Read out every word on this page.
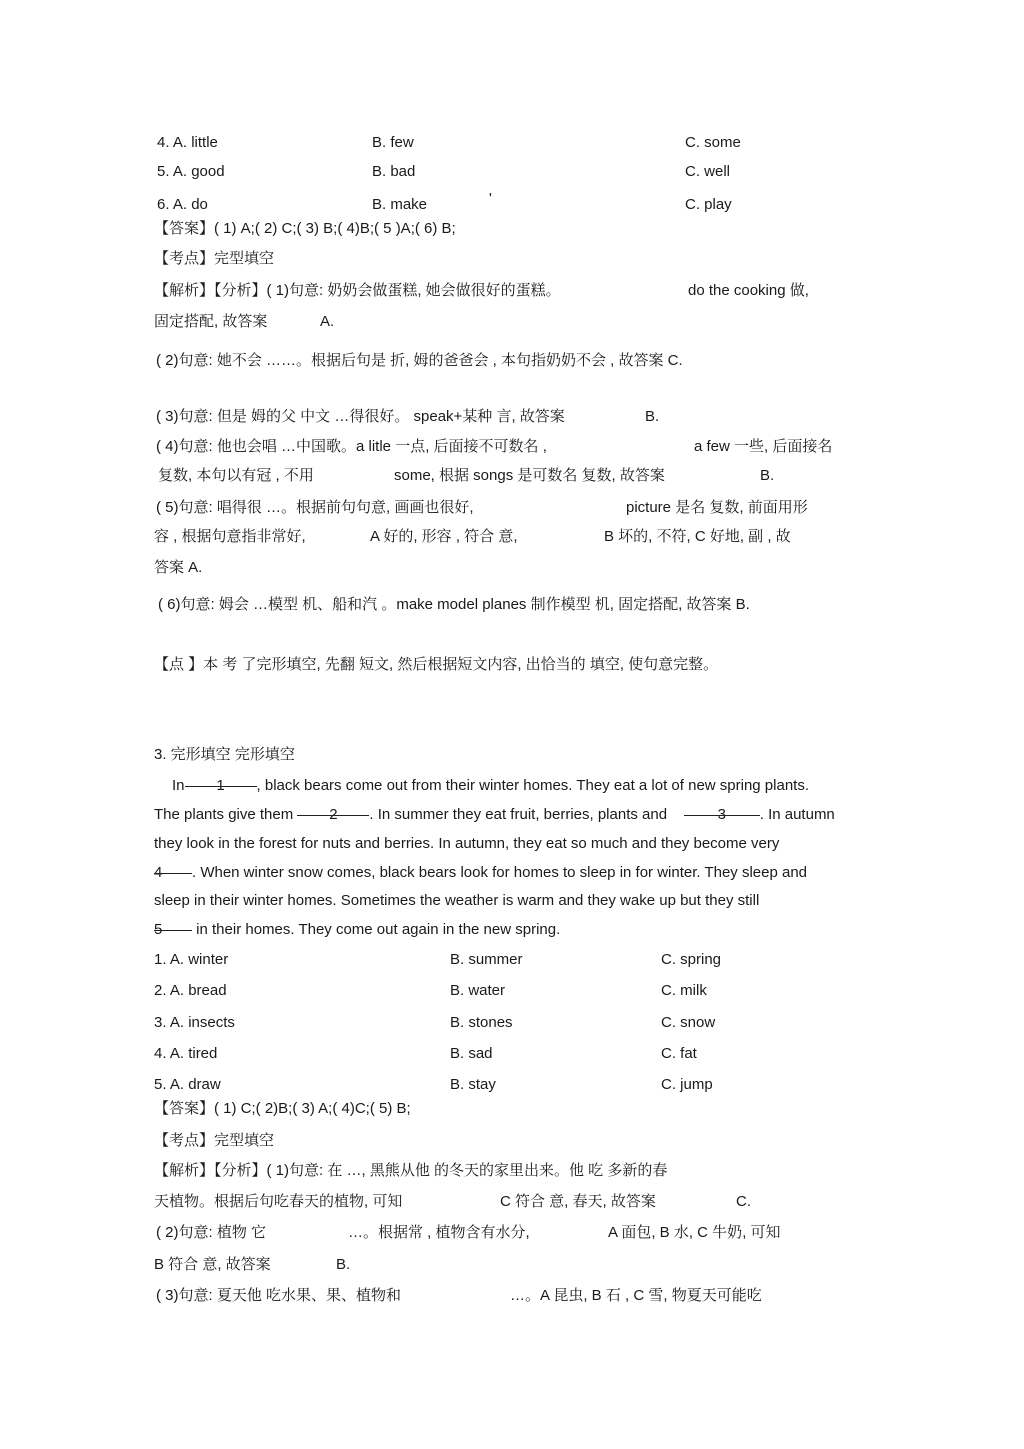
4. A. little	B. few	C. some
5. A. good	B. bad	C. well
6. A. do	B. make	'	C. play
【答案】( 1) A;( 2) C;( 3) B;( 4)B;( 5 )A;( 6) B;
【考点】完型填空
【解析】【分析】( 1)句意: 奶奶会做蛋糕, 她会做很好的蛋糕。	do the cooking 做,
固定搭配, 故答案	A.
( 2)句意: 她不会 ……。根据后句是 折, 姆的爸爸会 , 本句指奶奶不会 , 故答案 C.
( 3)句意: 但是 姆的父 中文 …得很好。 speak+某种 言, 故答案	B.
( 4)句意: 他也会唱 …中国歌。a litle 一点, 后面接不可数名 ,	a few 一些, 后面接名
复数, 本句以有冠 , 不用	some, 根据 songs 是可数名 复数, 故答案	B.
( 5)句意: 唱得很 …。根据前句句意, 画画也很好,	picture 是名 复数, 前面用形
容 , 根据句意指非常好,	A 好的, 形容 , 符合 意,	B 坏的, 不符, C 好地, 副 , 故
答案 A.
( 6)句意: 姆会 …模型 机、船和汽 。make model planes 制作模型 机, 固定搭配, 故答案 B.
【点 】本 考 了完形填空, 先翻 短文, 然后根据短文内容, 出恰当的 填空, 使句意完整。
3. 完形填空 完形填空
In 1 , black bears come out from their winter homes. They eat a lot of new spring plants.
The plants give them 2 . In summer they eat fruit, berries, plants and	3 . In autumn
they look in the forest for nuts and berries. In autumn, they eat so much and they become very
4 . When winter snow comes, black bears look for homes to sleep in for winter. They sleep and
sleep in their winter homes. Sometimes the weather is warm and they wake up but they still
5 in their homes. They come out again in the new spring.
1. A. winter	B. summer	C. spring
2. A. bread	B. water	C. milk
3. A. insects	B. stones	C. snow
4. A. tired	B. sad	C. fat
5. A. draw	B. stay	C. jump
【答案】( 1) C;( 2)B;( 3) A;( 4)C;( 5) B;
【考点】完型填空
【解析】【分析】( 1)句意: 在 …, 黑熊从他 的冬天的家里出来。他 吃 多新的春
天植物。根据后句吃春天的植物, 可知	C 符合 意, 春天, 故答案	C.
( 2)句意: 植物 它	…。根据常 , 植物含有水分,	A 面包, B 水, C 牛奶, 可知
B 符合 意, 故答案	B.
( 3)句意: 夏天他 吃水果、果、植物和	…。A 昆虫, B 石 , C 雪, 物夏天可能吃
